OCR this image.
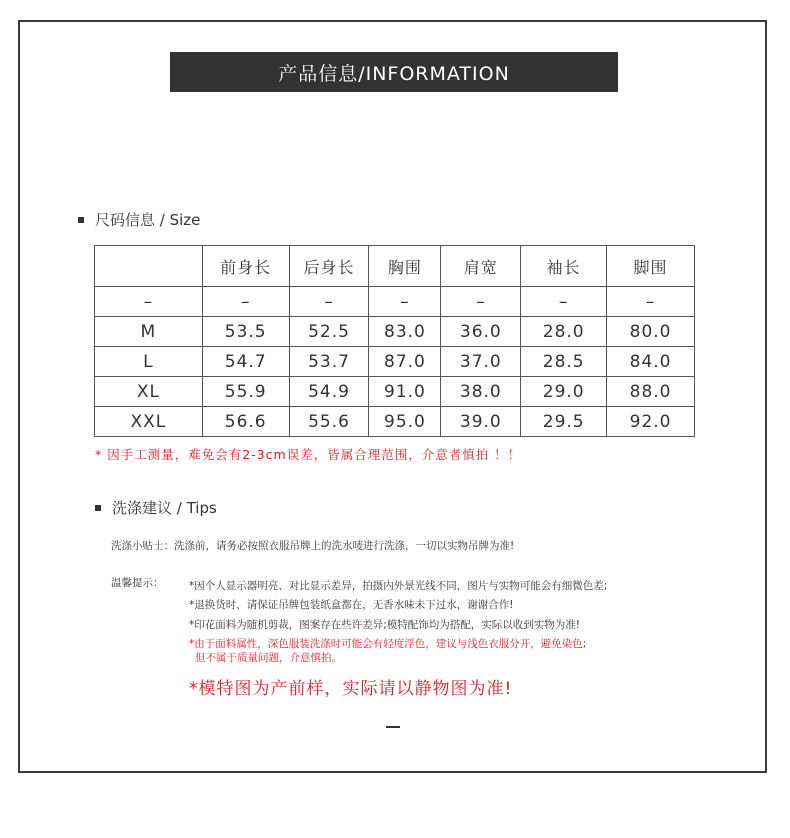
产品信息/INFORMATION
尺码信息 / Size
	前身长	后身长	胸围	肩宽	袖长	脚围
–	–	–	–	–	–	–
M	53.5	52.5	83.0	36.0	28.0	80.0
L	54.7	53.7	87.0	37.0	28.5	84.0
XL	55.9	54.9	91.0	38.0	29.0	88.0
XXL	56.6	55.6	95.0	39.0	29.5	92.0
* 因手工测量，难免会有2-3cm误差，皆属合理范围，介意者慎拍 ！！
洗涤建议 / Tips
洗涤小贴士：洗涤前，请务必按照衣服吊牌上的洗水唛进行洗涤，一切以实物吊牌为准!
温馨提示： *因个人显示器明亮、对比显示差异，拍摄内外景光线不同，图片与实物可能会有细微色差;
*退换货时，请保证吊牌包装纸盒都在，无香水味未下过水，谢谢合作!
*印花面料为随机剪裁，图案存在些许差异;模特配饰均为搭配，实际以收到实物为准!
*由于面料属性，深色服装洗涤时可能会有轻度浮色，建议与浅色衣服分开，避免染色;
但不属于质量问题，介意慎拍。
*模特图为产前样，实际请以静物图为准!
